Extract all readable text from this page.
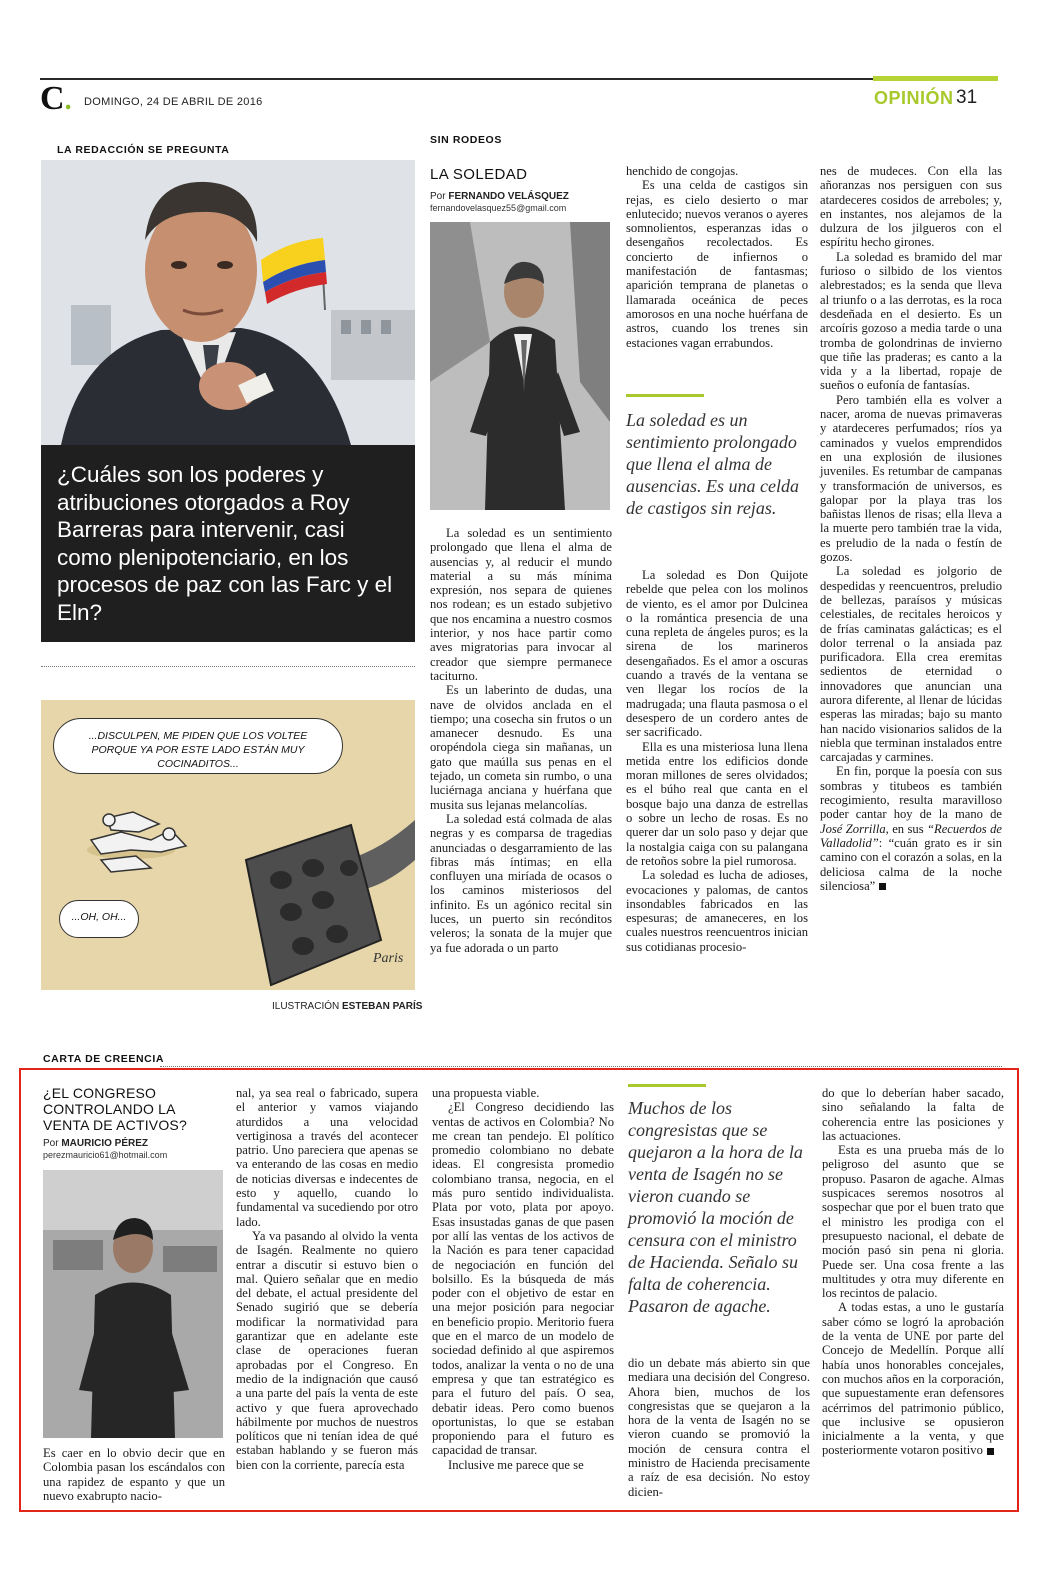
C. DOMINGO, 24 DE ABRIL DE 2016	OPINIÓN 31
LA REDACCIÓN SE PREGUNTA
¿Cuáles son los poderes y atribuciones otorgados a Roy Barreras para intervenir, casi como plenipotenciario, en los procesos de paz con las Farc y el Eln?
Paris
...DISCULPEN, ME PIDEN QUE LOS VOLTEE PORQUE YA POR ESTE LADO ESTÁN MUY COCINADITOS...
...OH, OH...
ILUSTRACIÓN ESTEBAN PARÍS
SIN RODEOS
LA SOLEDAD
Por FERNANDO VELÁSQUEZ
fernandovelasquez55@gmail.com

La soledad es un sentimiento prolongado que llena el alma de ausencias y, al reducir el mundo material a su más mínima expresión, nos separa de quienes nos rodean; es un estado subjetivo que nos encamina a nuestro cosmos interior, y nos hace partir como aves migratorias para invocar al creador que siempre permanece taciturno.

Es un laberinto de dudas, una nave de olvidos anclada en el tiempo; una cosecha sin frutos o un amanecer desnudo. Es una oropéndola ciega sin mañanas, un gato que maúlla sus penas en el tejado, un cometa sin rumbo, o una luciérnaga anciana y huérfana que musita sus lejanas melancolías.

La soledad está colmada de alas negras y es comparsa de tragedias anunciadas o desgarramiento de las fibras más íntimas; en ella confluyen una miríada de ocasos o los caminos misteriosos del infinito. Es un agónico recital sin luces, un puerto sin recónditos veleros; la sonata de la mujer que ya fue adorada o un parto

henchido de congojas.

Es una celda de castigos sin rejas, es cielo desierto o mar enlutecido; nuevos veranos o ayeres somnolientos, esperanzas idas o desengaños recolectados. Es concierto de infiernos o manifestación de fantasmas; aparición temprana de planetas o llamarada oceánica de peces amorosos en una noche huérfana de astros, cuando los trenes sin estaciones vagan errabundos.

La soledad es un sentimiento prolongado que llena el alma de ausencias. Es una celda de castigos sin rejas.

La soledad es Don Quijote rebelde que pelea con los molinos de viento, es el amor por Dulcinea o la romántica presencia de una cuna repleta de ángeles puros; es la sirena de los marineros desengañados. Es el amor a oscuras cuando a través de la ventana se ven llegar los rocíos de la madrugada; una flauta pasmosa o el desespero de un cordero antes de ser sacrificado.

Ella es una misteriosa luna llena metida entre los edificios donde moran millones de seres olvidados; es el búho real que canta en el bosque bajo una danza de estrellas o sobre un lecho de rosas. Es no querer dar un solo paso y dejar que la nostalgia caiga con su palangana de retoños sobre la piel rumorosa.

La soledad es lucha de adioses, evocaciones y palomas, de cantos insondables fabricados en las espesuras; de amaneceres, en los cuales nuestros reencuentros inician sus cotidianas procesio-

nes de mudeces. Con ella las añoranzas nos persiguen con sus atardeceres cosidos de arreboles; y, en instantes, nos alejamos de la dulzura de los jilgueros con el espíritu hecho girones.

La soledad es bramido del mar furioso o silbido de los vientos alebrestados; es la senda que lleva al triunfo o a las derrotas, es la roca desdeñada en el desierto. Es un arcoíris gozoso a media tarde o una tromba de golondrinas de invierno que tiñe las praderas; es canto a la vida y a la libertad, ropaje de sueños o eufonía de fantasías.

Pero también ella es volver a nacer, aroma de nuevas primaveras y atardeceres perfumados; ríos ya caminados y vuelos emprendidos en una explosión de ilusiones juveniles. Es retumbar de campanas y transformación de universos, es galopar por la playa tras los bañistas llenos de risas; ella lleva a la muerte pero también trae la vida, es preludio de la nada o festín de gozos.

La soledad es jolgorio de despedidas y reencuentros, preludio de bellezas, paraísos y músicas celestiales, de recitales heroicos y de frías caminatas galácticas; es el dolor terrenal o la ansiada paz purificadora. Ella crea eremitas sedientos de eternidad o innovadores que anuncian una aurora diferente, al llenar de lúcidas esperas las miradas; bajo su manto han nacido visionarios salidos de la niebla que terminan instalados entre carcajadas y carmines.

En fin, porque la poesía con sus sombras y titubeos es también recogimiento, resulta maravilloso poder cantar hoy de la mano de José Zorrilla, en sus “Recuerdos de Valladolid”: “cuán grato es ir sin camino con el corazón a solas, en la deliciosa calma de la noche silenciosa”

CARTA DE CREENCIA
¿EL CONGRESO CONTROLANDO LA VENTA DE ACTIVOS?
Por MAURICIO PÉREZ
perezmauricio61@hotmail.com

Es caer en lo obvio decir que en Colombia pasan los escándalos con una rapidez de espanto y que un nuevo exabrupto nacio-

nal, ya sea real o fabricado, supera el anterior y vamos viajando aturdidos a una velocidad vertiginosa a través del acontecer patrio. Uno pareciera que apenas se va enterando de las cosas en medio de noticias diversas e indecentes de esto y aquello, cuando lo fundamental va sucediendo por otro lado.

Ya va pasando al olvido la venta de Isagén. Realmente no quiero entrar a discutir si estuvo bien o mal. Quiero señalar que en medio del debate, el actual presidente del Senado sugirió que se debería modificar la normatividad para garantizar que en adelante este clase de operaciones fueran aprobadas por el Congreso. En medio de la indignación que causó a una parte del país la venta de este activo y que fuera aprovechado hábilmente por muchos de nuestros políticos que ni tenían idea de qué estaban hablando y se fueron más bien con la corriente, parecía esta

una propuesta viable.

¿El Congreso decidiendo las ventas de activos en Colombia? No me crean tan pendejo. El político promedio colombiano no debate ideas. El congresista promedio colombiano transa, negocia, en el más puro sentido individualista. Plata por voto, plata por apoyo. Esas insustadas ganas de que pasen por allí las ventas de los activos de la Nación es para tener capacidad de negociación en función del bolsillo. Es la búsqueda de más poder con el objetivo de estar en una mejor posición para negociar en beneficio propio. Meritorio fuera que en el marco de un modelo de sociedad definido al que aspiremos todos, analizar la venta o no de una empresa y que tan estratégico es para el futuro del país. O sea, debatir ideas. Pero como buenos oportunistas, lo que se estaban proponiendo para el futuro es capacidad de transar.

Inclusive me parece que se

Muchos de los congresistas que se quejaron a la hora de la venta de Isagén no se vieron cuando se promovió la moción de censura con el ministro de Hacienda. Señalo su falta de coherencia. Pasaron de agache.

dio un debate más abierto sin que mediara una decisión del Congreso. Ahora bien, muchos de los congresistas que se quejaron a la hora de la venta de Isagén no se vieron cuando se promovió la moción de censura contra el ministro de Hacienda precisamente a raíz de esa decisión. No estoy dicien-

do que lo deberían haber sacado, sino señalando la falta de coherencia entre las posiciones y las actuaciones.

Esta es una prueba más de lo peligroso del asunto que se propuso. Pasaron de agache. Almas suspicaces seremos nosotros al sospechar que por el buen trato que el ministro les prodiga con el presupuesto nacional, el debate de moción pasó sin pena ni gloria. Puede ser. Una cosa frente a las multitudes y otra muy diferente en los recintos de palacio.

A todas estas, a uno le gustaría saber cómo se logró la aprobación de la venta de UNE por parte del Concejo de Medellín. Porque allí había unos honorables concejales, con muchos años en la corporación, que supuestamente eran defensores acérrimos del patrimonio público, que inclusive se opusieron inicialmente a la venta, y que posteriormente votaron positivo
